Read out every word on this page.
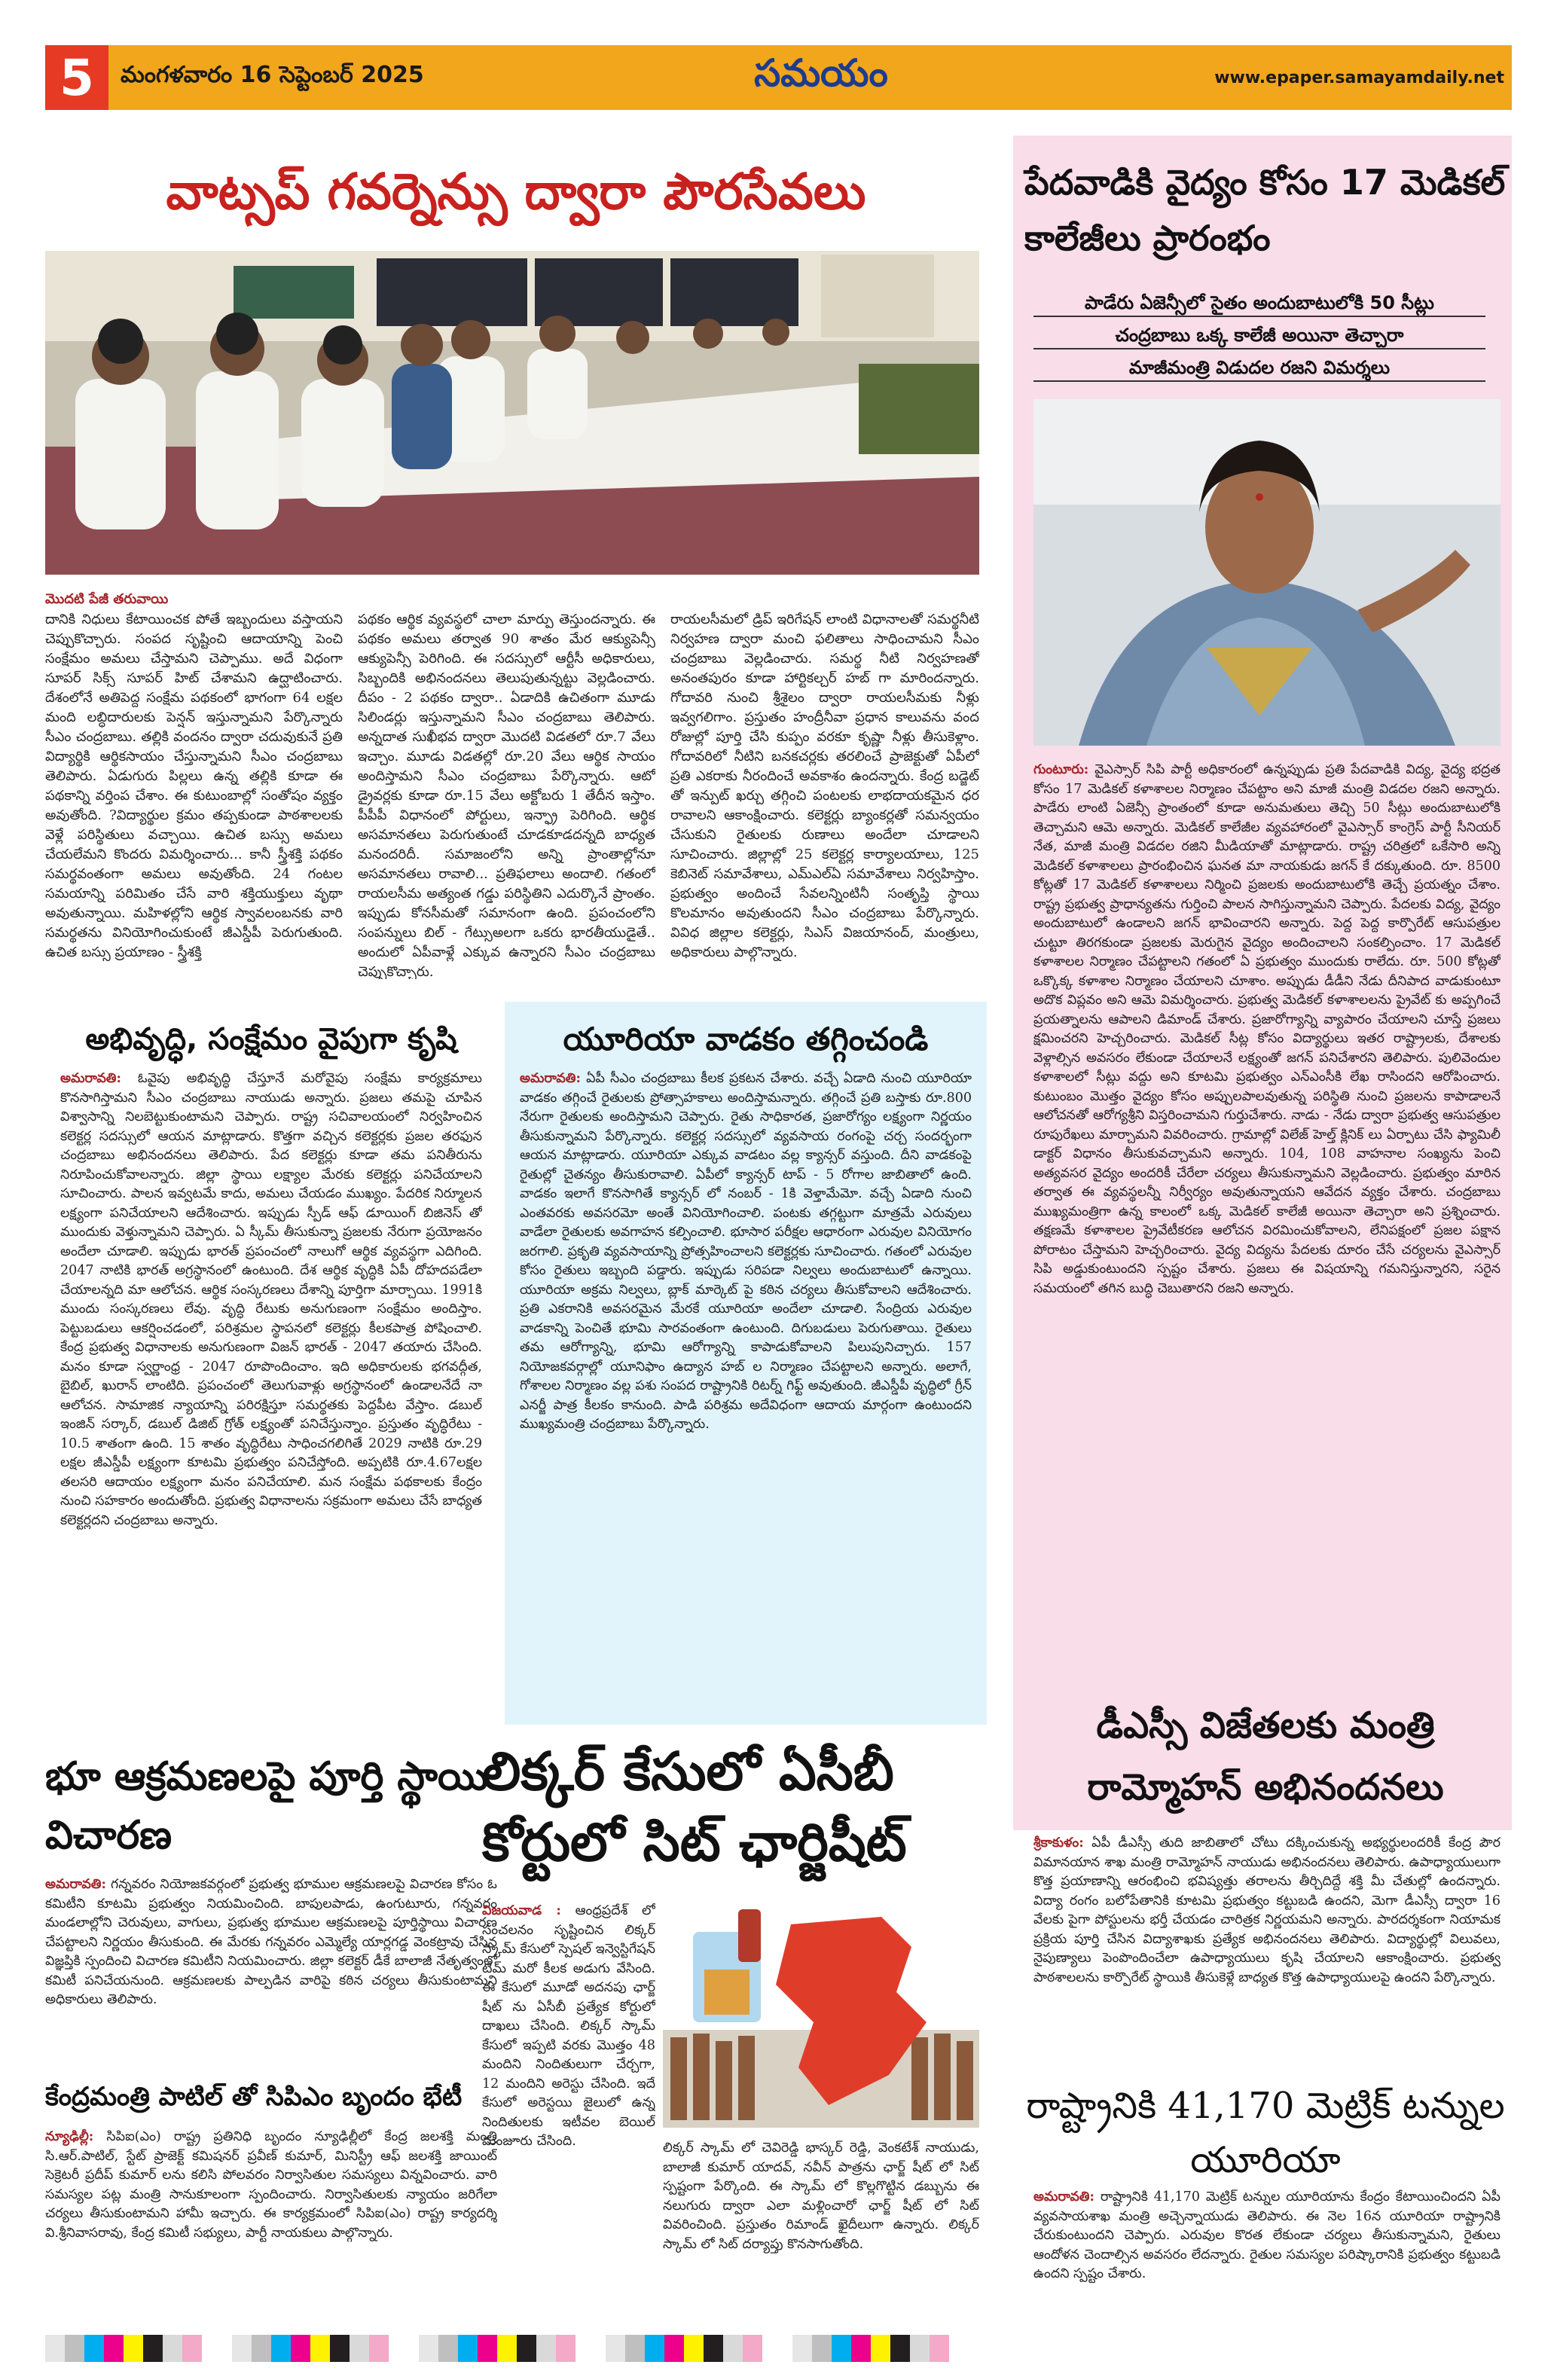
5	మంగళవారం 16 సెప్టెంబర్ 2025	సమయం	www.epaper.samayamdaily.net
వాట్సప్ గవర్నెన్సు ద్వారా పౌరసేవలు
మొదటి పేజీ తరువాయి
దానికి నిధులు కేటాయించక పోతే ఇబ్బందులు వస్తాయని చెప్పుకొచ్చారు. సంపద సృష్టించి ఆదాయాన్ని పెంచి సంక్షేమం అమలు చేస్తామని చెప్పాము. అదే విధంగా సూపర్ సిక్స్ సూపర్ హిట్ చేశామని ఉద్ఘాటించారు. దేశంలోనే అతిపెద్ద సంక్షేమ పథకంలో భాగంగా 64 లక్షల మంది లబ్ధిదారులకు పెన్షన్ ఇస్తున్నామని పేర్కొన్నారు సీఎం చంద్రబాబు. తల్లికి వందనం ద్వారా చదువుకునే ప్రతి విద్యార్థికి ఆర్థికసాయం చేస్తున్నామని సీఎం చంద్రబాబు తెలిపారు. ఏడుగురు పిల్లలు ఉన్న తల్లికి కూడా ఈ పథకాన్ని వర్తింప చేశాం. ఈ కుటుంబాల్లో సంతోషం వ్యక్తం అవుతోంది. ?విద్యార్థుల క్రమం తప్పకుండా పాఠశాలలకు వెళ్లే పరిస్థితులు వచ్చాయి. ఉచిత బస్సు అమలు చేయలేమని కొందరు విమర్శించారు... కానీ స్త్రీశక్తి పథకం సమర్థవంతంగా అమలు అవుతోంది. 24 గంటల సమయాన్ని పరిమితం చేసే వారి శక్తియుక్తులు వృథా అవుతున్నాయి. మహిళల్లోని ఆర్థిక స్వావలంబనకు వారి సమర్థతను వినియోగించుకుంటే జీఎస్డీపీ పెరుగుతుంది. ఉచిత బస్సు ప్రయాణం - స్త్రీశక్తి
పథకం ఆర్థిక వ్యవస్థలో చాలా మార్పు తెస్తుందన్నారు. ఈ పథకం అమలు తర్వాత 90 శాతం మేర ఆక్యుపెన్సీ ఆక్యుపెన్సీ పెరిగింది. ఈ సదస్సులో ఆర్టీసీ అధికారులు, సిబ్బందికి అభినందనలు తెలుపుతున్నట్టు వెల్లడించారు. దీపం - 2 పథకం ద్వారా.. ఏడాదికి ఉచితంగా మూడు సిలిండర్లు ఇస్తున్నామని సీఎం చంద్రబాబు తెలిపారు. అన్నదాత సుఖీభవ ద్వారా మొదటి విడతలో రూ.7 వేలు ఇచ్చాం. మూడు విడతల్లో రూ.20 వేలు ఆర్థిక సాయం అందిస్తామని సీఎం చంద్రబాబు పేర్కొన్నారు. ఆటో డ్రైవర్లకు కూడా రూ.15 వేలు అక్టోబరు 1 తేదీన ఇస్తాం. పీపీపీ విధానంలో పోర్టులు, ఇన్ఫ్రా పెరిగింది. ఆర్థిక అసమానతలు పెరుగుతుంటే చూడకూడదన్నది బాధ్యత మనందరిదీ. సమాజంలోని అన్ని ప్రాంతాల్లోనూ అసమానతలు రావాలి... ప్రతిఫలాలు అందాలి. గతంలో రాయలసీమ అత్యంత గడ్డు పరిస్థితిని ఎదుర్కొనే ప్రాంతం. ఇప్పుడు కోనసీమతో సమానంగా ఉంది. ప్రపంచంలోని సంపన్నులు బిల్ - గేట్సుఅలగా ఒకరు భారతీయుడైతే.. అందులో ఏపీవాళ్లే ఎక్కువ ఉన్నారని సీఎం చంద్రబాబు చెప్పుకొచ్చారు.
రాయలసీమలో డ్రిప్ ఇరిగేషన్ లాంటి విధానాలతో సమర్థనీటి నిర్వహణ ద్వారా మంచి ఫలితాలు సాధించామని సీఎం చంద్రబాబు వెల్లడించారు. సమర్థ నీటి నిర్వహణతో అనంతపురం కూడా హార్టికల్చర్ హబ్ గా మారిందన్నారు. గోదావరి నుంచి శ్రీశైలం ద్వారా రాయలసీమకు నీళ్లు ఇవ్వగలిగాం. ప్రస్తుతం హంద్రీనీవా ప్రధాన కాలువను వంద రోజుల్లో పూర్తి చేసి కుప్పం వరకూ కృష్ణా నీళ్లు తీసుకెళ్లాం. గోదావరిలో నీటిని బనకచర్లకు తరలించే ప్రాజెక్టుతో ఏపీలో ప్రతి ఎకరాకు నీరందించే అవకాశం ఉందన్నారు. కేంద్ర బడ్జెట్ తో ఇన్పుట్ ఖర్చు తగ్గించి పంటలకు లాభదాయకమైన ధర రావాలని ఆకాంక్షించారు. కలెక్టర్లు బ్యాంకర్లతో సమన్వయం చేసుకుని రైతులకు రుణాలు అందేలా చూడాలని సూచించారు. జిల్లాల్లో 25 కలెక్టర్ల కార్యాలయాలు, 125 కెబినెట్ సమావేశాలు, ఎమ్ఎల్ఏ సమావేశాలు నిర్వహిస్తాం. ప్రభుత్వం అందించే సేవలన్నింటినీ సంతృప్తి స్థాయి కొలమానం అవుతుందని సీఎం చంద్రబాబు పేర్కొన్నారు. వివిధ జిల్లాల కలెక్టర్లు, సిఎస్ విజయానంద్, మంత్రులు, అధికారులు పాల్గొన్నారు.
పేదవాడికి వైద్యం కోసం 17 మెడికల్ కాలేజీలు ప్రారంభం
పాడేరు ఏజెన్సీలో సైతం అందుబాటులోకి 50 సీట్లు
చంద్రబాబు ఒక్క కాలేజీ అయినా తెచ్చారా
మాజీమంత్రి విడుదల రజని విమర్శలు
గుంటూరు: వైఎస్సార్ సిపి పార్టీ అధికారంలో ఉన్నప్పుడు ప్రతి పేదవాడికి విద్య, వైద్య భద్రత కోసం 17 మెడికల్ కళాశాలల నిర్మాణం చేపట్టాం అని మాజీ మంత్రి విడదల రజని అన్నారు. పాడేరు లాంటి ఏజెన్సీ ప్రాంతంలో కూడా అనుమతులు తెచ్చి 50 సీట్లు అందుబాటులోకి తెచ్చామని ఆమె అన్నారు. మెడికల్ కాలేజీల వ్యవహారంలో వైఎస్సార్ కాంగ్రెస్ పార్టీ సీనియర్ నేత, మాజీ మంత్రి విడదల రజిని మీడియాతో మాట్లాడారు. రాష్ట్ర చరిత్రలో ఒకేసారి అన్ని మెడికల్ కళాశాలలు ప్రారంభించిన ఘనత మా నాయకుడు జగన్ కే దక్కుతుంది. రూ. 8500 కోట్లతో 17 మెడికల్ కళాశాలలు నిర్మించి ప్రజలకు అందుబాటులోకి తెచ్చే ప్రయత్నం చేశాం. రాష్ట్ర ప్రభుత్వ ప్రాధాన్యతను గుర్తించి పాలన సాగిస్తున్నామని చెప్పారు. పేదలకు విద్య, వైద్యం అందుబాటులో ఉండాలని జగన్ భావించారని అన్నారు. పెద్ద పెద్ద కార్పొరేట్ ఆసుపత్రుల చుట్టూ తిరగకుండా ప్రజలకు మెరుగైన వైద్యం అందించాలని సంకల్పించాం. 17 మెడికల్ కళాశాలల నిర్మాణం చేపట్టాలని గతంలో ఏ ప్రభుత్వం ముందుకు రాలేదు. రూ. 500 కోట్లతో ఒక్కొక్క కళాశాల నిర్మాణం చేయాలని చూశాం. అప్పుడు డీడీని నేడు దీనిపాద వాడుకుంటూ అదొక విప్లవం అని ఆమె విమర్శించారు. ప్రభుత్వ మెడికల్ కళాశాలలను ప్రైవేట్ కు అప్పగించే ప్రయత్నాలను ఆపాలని డిమాండ్ చేశారు. ప్రజారోగ్యాన్ని వ్యాపారం చేయాలని చూస్తే ప్రజలు క్షమించరని హెచ్చరించారు. మెడికల్ సీట్ల కోసం విద్యార్థులు ఇతర రాష్ట్రాలకు, దేశాలకు వెళ్లాల్సిన అవసరం లేకుండా చేయాలనే లక్ష్యంతో జగన్ పనిచేశారని తెలిపారు. పులివెందుల కళాశాలలో సీట్లు వద్దు అని కూటమి ప్రభుత్వం ఎన్ఎంసీకి లేఖ రాసిందని ఆరోపించారు. కుటుంబం మొత్తం వైద్యం కోసం అప్పులపాలవుతున్న పరిస్థితి నుంచి ప్రజలను కాపాడాలనే ఆలోచనతో ఆరోగ్యశ్రీని విస్తరించామని గుర్తుచేశారు. నాడు - నేడు ద్వారా ప్రభుత్వ ఆసుపత్రుల రూపురేఖలు మార్చామని వివరించారు. గ్రామాల్లో విలేజ్ హెల్త్ క్లినిక్ లు ఏర్పాటు చేసి ఫ్యామిలీ డాక్టర్ విధానం తీసుకువచ్చామని అన్నారు. 104, 108 వాహనాల సంఖ్యను పెంచి అత్యవసర వైద్యం అందరికీ చేరేలా చర్యలు తీసుకున్నామని వెల్లడించారు. ప్రభుత్వం మారిన తర్వాత ఈ వ్యవస్థలన్నీ నిర్వీర్యం అవుతున్నాయని ఆవేదన వ్యక్తం చేశారు. చంద్రబాబు ముఖ్యమంత్రిగా ఉన్న కాలంలో ఒక్క మెడికల్ కాలేజీ అయినా తెచ్చారా అని ప్రశ్నించారు. తక్షణమే కళాశాలల ప్రైవేటీకరణ ఆలోచన విరమించుకోవాలని, లేనిపక్షంలో ప్రజల పక్షాన పోరాటం చేస్తామని హెచ్చరించారు. వైద్య విద్యను పేదలకు దూరం చేసే చర్యలను వైఎస్సార్ సిపి అడ్డుకుంటుందని స్పష్టం చేశారు. ప్రజలు ఈ విషయాన్ని గమనిస్తున్నారని, సరైన సమయంలో తగిన బుద్ధి చెబుతారని రజని అన్నారు.
డీఎస్సీ విజేతలకు మంత్రి రామ్మోహన్ అభినందనలు
శ్రీకాకుళం: ఏపీ డీఎస్సీ తుది జాబితాలో చోటు దక్కించుకున్న అభ్యర్థులందరికీ కేంద్ర పౌర విమానయాన శాఖ మంత్రి రామ్మోహన్ నాయుడు అభినందనలు తెలిపారు. ఉపాధ్యాయులుగా కొత్త ప్రయాణాన్ని ఆరంభించి భవిష్యత్తు తరాలను తీర్చిదిద్దే శక్తి మీ చేతుల్లో ఉందన్నారు. విద్యా రంగం బలోపేతానికి కూటమి ప్రభుత్వం కట్టుబడి ఉందని, మెగా డీఎస్సీ ద్వారా 16 వేలకు పైగా పోస్టులను భర్తీ చేయడం చారిత్రక నిర్ణయమని అన్నారు. పారదర్శకంగా నియామక ప్రక్రియ పూర్తి చేసిన విద్యాశాఖకు ప్రత్యేక అభినందనలు తెలిపారు. విద్యార్థుల్లో విలువలు, నైపుణ్యాలు పెంపొందించేలా ఉపాధ్యాయులు కృషి చేయాలని ఆకాంక్షించారు. ప్రభుత్వ పాఠశాలలను కార్పొరేట్ స్థాయికి తీసుకెళ్లే బాధ్యత కొత్త ఉపాధ్యాయులపై ఉందని పేర్కొన్నారు.
రాష్ట్రానికి 41,170 మెట్రిక్ టన్నుల యూరియా
అమరావతి: రాష్ట్రానికి 41,170 మెట్రిక్ టన్నుల యూరియాను కేంద్రం కేటాయించిందని ఏపీ వ్యవసాయశాఖ మంత్రి అచ్చెన్నాయుడు తెలిపారు. ఈ నెల 16న యూరియా రాష్ట్రానికి చేరుకుంటుందని చెప్పారు. ఎరువుల కొరత లేకుండా చర్యలు తీసుకున్నామని, రైతులు ఆందోళన చెందాల్సిన అవసరం లేదన్నారు. రైతుల సమస్యల పరిష్కారానికి ప్రభుత్వం కట్టుబడి ఉందని స్పష్టం చేశారు.
అభివృద్ధి, సంక్షేమం వైపుగా కృషి
అమరావతి: ఓవైపు అభివృద్ధి చేస్తూనే మరోవైపు సంక్షేమ కార్యక్రమాలు కొనసాగిస్తామని సీఎం చంద్రబాబు నాయుడు అన్నారు. ప్రజలు తమపై చూపిన విశ్వాసాన్ని నిలబెట్టుకుంటామని చెప్పారు. రాష్ట్ర సచివాలయంలో నిర్వహించిన కలెక్టర్ల సదస్సులో ఆయన మాట్లాడారు. కొత్తగా వచ్చిన కలెక్టర్లకు ప్రజల తరఫున చంద్రబాబు అభినందనలు తెలిపారు. పేద కలెక్టర్లు కూడా తమ పనితీరును నిరూపించుకోవాలన్నారు. జిల్లా స్థాయి లక్ష్యాల మేరకు కలెక్టర్లు పనిచేయాలని సూచించారు. పాలన ఇవ్వటమే కాదు, అమలు చేయడం ముఖ్యం. పేదరిక నిర్మూలన లక్ష్యంగా పనిచేయాలని ఆదేశించారు. ఇప్పుడు స్పీడ్ ఆఫ్ డూయింగ్ బిజినెస్ తో ముందుకు వెళ్తున్నామని చెప్పారు. ఏ స్కీమ్ తీసుకున్నా ప్రజలకు నేరుగా ప్రయోజనం అందేలా చూడాలి. ఇప్పుడు భారత్ ప్రపంచంలో నాలుగో ఆర్థిక వ్యవస్థగా ఎదిగింది. 2047 నాటికి భారత్ అగ్రస్థానంలో ఉంటుంది. దేశ ఆర్థిక వృద్ధికి ఏపీ దోహదపడేలా చేయాలన్నది మా ఆలోచన. ఆర్థిక సంస్కరణలు దేశాన్ని పూర్తిగా మార్చాయి. 1991కి ముందు సంస్కరణలు లేవు. వృద్ధి రేటుకు అనుగుణంగా సంక్షేమం అందిస్తాం. పెట్టుబడులు ఆకర్షించడంలో, పరిశ్రమల స్థాపనలో కలెక్టర్లు కీలకపాత్ర పోషించాలి. కేంద్ర ప్రభుత్వ విధానాలకు అనుగుణంగా విజన్ భారత్ - 2047 తయారు చేసింది. మనం కూడా స్వర్ణాంధ్ర - 2047 రూపొందించాం. ఇది అధికారులకు భగవద్గీత, బైబిల్, ఖురాన్ లాంటిది. ప్రపంచంలో తెలుగువాళ్లు అగ్రస్థానంలో ఉండాలనేదే నా ఆలోచన. సామాజిక న్యాయాన్ని పరిరక్షిస్తూ సమర్థతకు పెద్దపీట వేస్తాం. డబుల్ ఇంజిన్ సర్కార్, డబుల్ డిజిట్ గ్రోత్ లక్ష్యంతో పనిచేస్తున్నాం. ప్రస్తుతం వృద్ధిరేటు - 10.5 శాతంగా ఉంది. 15 శాతం వృద్ధిరేటు సాధించగలిగితే 2029 నాటికి రూ.29 లక్షల జీఎస్డీపీ లక్ష్యంగా కూటమి ప్రభుత్వం పనిచేస్తోంది. అప్పటికి రూ.4.67లక్షల తలసరి ఆదాయం లక్ష్యంగా మనం పనిచేయాలి. మన సంక్షేమ పథకాలకు కేంద్రం నుంచి సహకారం అందుతోంది. ప్రభుత్వ విధానాలను సక్రమంగా అమలు చేసే బాధ్యత కలెక్టర్లదని చంద్రబాబు అన్నారు.
యూరియా వాడకం తగ్గించండి
అమరావతి: ఏపీ సీఎం చంద్రబాబు కీలక ప్రకటన చేశారు. వచ్చే ఏడాది నుంచి యూరియా వాడకం తగ్గించే రైతులకు ప్రోత్సాహకాలు అందిస్తామన్నారు. తగ్గించే ప్రతి బస్తాకు రూ.800 నేరుగా రైతులకు అందిస్తామని చెప్పారు. రైతు సాధికారత, ప్రజారోగ్యం లక్ష్యంగా నిర్ణయం తీసుకున్నామని పేర్కొన్నారు. కలెక్టర్ల సదస్సులో వ్యవసాయ రంగంపై చర్చ సందర్భంగా ఆయన మాట్లాడారు. యూరియా ఎక్కువ వాడటం వల్ల క్యాన్సర్ వస్తుంది. దీని వాడకంపై రైతుల్లో చైతన్యం తీసుకురావాలి. ఏపీలో క్యాన్సర్ టాప్ - 5 రోగాల జాబితాలో ఉంది. వాడకం ఇలాగే కొనసాగితే క్యాన్సర్ లో నంబర్ - 1కి వెళ్తామేమో. వచ్చే ఏడాది నుంచి ఎంతవరకు అవసరమో అంతే వినియోగించాలి. పంటకు తగ్గట్టుగా మాత్రమే ఎరువులు వాడేలా రైతులకు అవగాహన కల్పించాలి. భూసార పరీక్షల ఆధారంగా ఎరువుల వినియోగం జరగాలి. ప్రకృతి వ్యవసాయాన్ని ప్రోత్సహించాలని కలెక్టర్లకు సూచించారు. గతంలో ఎరువుల కోసం రైతులు ఇబ్బంది పడ్డారు. ఇప్పుడు సరిపడా నిల్వలు అందుబాటులో ఉన్నాయి. యూరియా అక్రమ నిల్వలు, బ్లాక్ మార్కెట్ పై కఠిన చర్యలు తీసుకోవాలని ఆదేశించారు. ప్రతి ఎకరానికి అవసరమైన మేరకే యూరియా అందేలా చూడాలి. సేంద్రియ ఎరువుల వాడకాన్ని పెంచితే భూమి సారవంతంగా ఉంటుంది. దిగుబడులు పెరుగుతాయి. రైతులు తమ ఆరోగ్యాన్ని, భూమి ఆరోగ్యాన్ని కాపాడుకోవాలని పిలుపునిచ్చారు. 157 నియోజకవర్గాల్లో యూనిఫాం ఉద్యాన హబ్ ల నిర్మాణం చేపట్టాలని అన్నారు. అలాగే, గోశాలల నిర్మాణం వల్ల పశు సంపద రాష్ట్రానికి రిటర్న్ గిఫ్ట్ అవుతుంది. జీఎస్డీపీ వృద్ధిలో గ్రీన్ ఎనర్జీ పాత్ర కీలకం కానుంది. పాడి పరిశ్రమ అదేవిధంగా ఆదాయ మార్గంగా ఉంటుందని ముఖ్యమంత్రి చంద్రబాబు పేర్కొన్నారు.
భూ ఆక్రమణలపై పూర్తి స్థాయి విచారణ
అమరావతి: గన్నవరం నియోజకవర్గంలో ప్రభుత్వ భూముల ఆక్రమణలపై విచారణ కోసం ఓ కమిటీని కూటమి ప్రభుత్వం నియమించింది. బాపులపాడు, ఉంగుటూరు, గన్నవరం మండలాల్లోని చెరువులు, వాగులు, ప్రభుత్వ భూముల ఆక్రమణలపై పూర్తిస్థాయి విచారణ చేపట్టాలని నిర్ణయం తీసుకుంది. ఈ మేరకు గన్నవరం ఎమ్మెల్యే యార్లగడ్డ వెంకట్రావు చేసిన విజ్ఞప్తికి స్పందించి విచారణ కమిటీని నియమించారు. జిల్లా కలెక్టర్ డీకే బాలాజీ నేతృత్వంలో కమిటీ పనిచేయనుంది. ఆక్రమణలకు పాల్పడిన వారిపై కఠిన చర్యలు తీసుకుంటామని అధికారులు తెలిపారు.
కేంద్రమంత్రి పాటిల్ తో సిపిఎం బృందం భేటీ
న్యూఢిల్లీ: సిపిఐ(ఎం) రాష్ట్ర ప్రతినిధి బృందం న్యూఢిల్లీలో కేంద్ర జలశక్తి మంత్రి సి.ఆర్.పాటిల్, స్టేట్ ప్రాజెక్ట్ కమిషనర్ ప్రవీణ్ కుమార్, మినిస్ట్రీ ఆఫ్ జలశక్తి జాయింట్ సెక్రెటరీ ప్రదీప్ కుమార్ లను కలిసి పోలవరం నిర్వాసితుల సమస్యలు విన్నవించారు. వారి సమస్యల పట్ల మంత్రి సానుకూలంగా స్పందించారు. నిర్వాసితులకు న్యాయం జరిగేలా చర్యలు తీసుకుంటామని హామీ ఇచ్చారు. ఈ కార్యక్రమంలో సిపిఐ(ఎం) రాష్ట్ర కార్యదర్శి వి.శ్రీనివాసరావు, కేంద్ర కమిటీ సభ్యులు, పార్టీ నాయకులు పాల్గొన్నారు.
లిక్కర్ కేసులో ఏసీబీ కోర్టులో సిట్ ఛార్జిషీట్
విజయవాడ : ఆంధ్రప్రదేశ్ లో సంచలనం సృష్టించిన లిక్కర్ స్కామ్ కేసులో స్పెషల్ ఇన్వెస్టిగేషన్ టీమ్ మరో కీలక అడుగు వేసింది. ఈ కేసులో మూడో అదనపు ఛార్జ్ షీట్ ను ఏసీబీ ప్రత్యేక కోర్టులో దాఖలు చేసింది. లిక్కర్ స్కామ్ కేసులో ఇప్పటి వరకు మొత్తం 48 మందిని నిందితులుగా చేర్చగా, 12 మందిని అరెస్టు చేసింది. ఇదే కేసులో అరెస్టయి జైలులో ఉన్న నిందితులకు ఇటీవల బెయిల్ మంజూరు చేసింది.	లిక్కర్ స్కామ్ లో చెవిరెడ్డి భాస్కర్ రెడ్డి, వెంకటేశ్ నాయుడు, బాలాజీ కుమార్ యాదవ్, నవీన్ పాత్రను ఛార్జ్ షీట్ లో సిట్ స్పష్టంగా పేర్కొంది. ఈ స్కామ్ లో కొల్లగొట్టిన డబ్బును ఈ నలుగురు ద్వారా ఎలా మళ్లించారో ఛార్జ్ షీట్ లో సిట్ వివరించింది. ప్రస్తుతం రిమాండ్ ఖైదీలుగా ఉన్నారు. లిక్కర్ స్కామ్ లో సిట్ దర్యాప్తు కొనసాగుతోంది.
